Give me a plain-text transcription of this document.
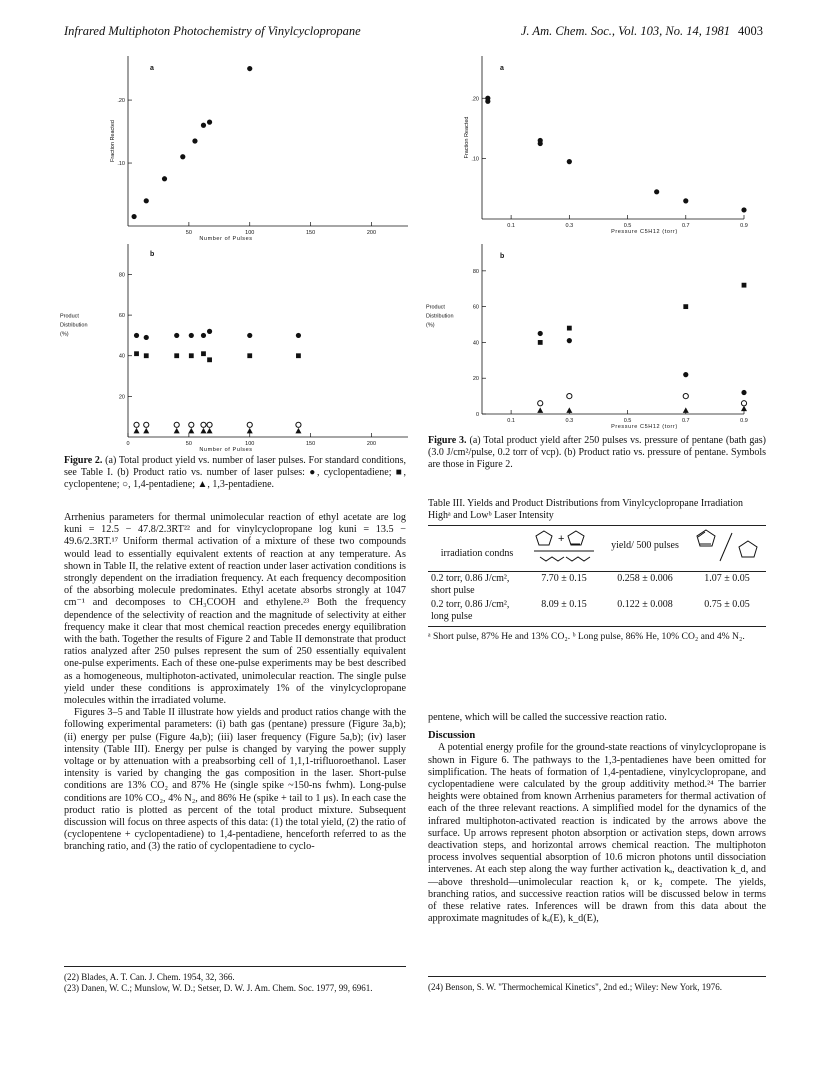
Infrared Multiphoton Photochemistry of Vinylcyclopropane	J. Am. Chem. Soc., Vol. 103, No. 14, 1981 4003
a
50	100	150	200
.10
.20
Number of Pulses
Fraction Reacted
b
0	50	100	150	200
20
40
60
80
Number of Pulses
Product
Distribution
(%)
Figure 2. (a) Total product yield vs. number of laser pulses. For standard conditions, see Table I. (b) Product ratio vs. number of laser pulses: ●, cyclopentadiene; ■, cyclopentene; ○, 1,4-pentadiene; ▲, 1,3-pentadiene.
a
0.1	0.3	0.5	0.7	0.9
.10
.20
Pressure C5H12 (torr)
Fraction Reacted
b
0.1	0.3	0.5	0.7	0.9
0
20
40
60
80
Pressure C5H12 (torr)
Product
Distribution
(%)
Figure 3. (a) Total product yield after 250 pulses vs. pressure of pentane (bath gas) (3.0 J/cm²/pulse, 0.2 torr of vcp). (b) Product ratio vs. pressure of pentane. Symbols are those in Figure 2.

Arrhenius parameters for thermal unimolecular reaction of ethyl acetate are log kuni = 12.5 − 47.8/2.3RT²² and for vinylcyclopropane log kuni = 13.5 − 49.6/2.3RT.¹⁷ Uniform thermal activation of a mixture of these two compounds would lead to essentially equivalent extents of reaction at any temperature. As shown in Table II, the relative extent of reaction under laser activation conditions is strongly dependent on the irradiation frequency. At each frequency decomposition of the absorbing molecule predominates. Ethyl acetate absorbs strongly at 1047 cm⁻¹ and decomposes to CH₃COOH and ethylene.²³ Both the frequency dependence of the selectivity of reaction and the magnitude of selectivity at either frequency make it clear that most chemical reaction precedes energy equilibration with the bath. Together the results of Figure 2 and Table II demonstrate that product ratios analyzed after 250 pulses represent the sum of 250 essentially equivalent one-pulse experiments. Each of these one-pulse experiments may be best described as a homogeneous, multiphoton-activated, unimolecular reaction. The single pulse yield under these conditions is approximately 1% of the vinylcyclopropane molecules within the irradiated volume.

Figures 3–5 and Table II illustrate how yields and product ratios change with the following experimental parameters: (i) bath gas (pentane) pressure (Figure 3a,b); (ii) energy per pulse (Figure 4a,b); (iii) laser frequency (Figure 5a,b); (iv) laser intensity (Table III). Energy per pulse is changed by varying the power supply voltage or by attenuation with a preabsorbing cell of 1,1,1-trifluoroethanol. Laser intensity is varied by changing the gas composition in the laser. Short-pulse conditions are 13% CO₂ and 87% He (single spike ~150-ns fwhm). Long-pulse conditions are 10% CO₂, 4% N₂, and 86% He (spike + tail to 1 μs). In each case the product ratio is plotted as percent of the total product mixture. Subsequent discussion will focus on three aspects of this data: (1) the total yield, (2) the ratio of (cyclopentene + cyclopentadiene) to 1,4-pentadiene, henceforth referred to as the branching ratio, and (3) the ratio of cyclopentadiene to cyclo-

(22) Blades, A. T. Can. J. Chem. 1954, 32, 366.
(23) Danen, W. C.; Munslow, W. D.; Setser, D. W. J. Am. Chem. Soc. 1977, 99, 6961.
Table III. Yields and Product Distributions from Vinylcyclopropane Irradiation Highᵃ and Lowᵇ Laser Intensity
irradiation condns	+	yield/ 500 pulses	

0.2 torr, 0.86 J/cm², short pulse	7.70 ± 0.15	0.258 ± 0.006	1.07 ± 0.05
0.2 torr, 0.86 J/cm², long pulse	8.09 ± 0.15	0.122 ± 0.008	0.75 ± 0.05
ᵃ Short pulse, 87% He and 13% CO₂. ᵇ Long pulse, 86% He, 10% CO₂ and 4% N₂.

pentene, which will be called the successive reaction ratio.

Discussion

A potential energy profile for the ground-state reactions of vinylcyclopropane is shown in Figure 6. The pathways to the 1,3-pentadienes have been omitted for simplification. The heats of formation of 1,4-pentadiene, vinylcyclopropane, and cyclopentadiene were calculated by the group additivity method.²⁴ The barrier heights were obtained from known Arrhenius parameters for thermal activation of each of the three relevant reactions. A simplified model for the dynamics of the infrared multiphoton-activated reaction is indicated by the arrows above the surface. Up arrows represent photon absorption or activation steps, down arrows deactivation steps, and horizontal arrows chemical reaction. The multiphoton process involves sequential absorption of 10.6 micron photons until dissociation intervenes. At each step along the way further activation kₐ, deactivation k_d, and—above threshold—unimolecular reaction k₁ or k₂ compete. The yields, branching ratios, and successive reaction ratios will be discussed below in terms of these relative rates. Inferences will be drawn from this data about the approximate magnitudes of kₐ(E), k_d(E),

(24) Benson, S. W. "Thermochemical Kinetics", 2nd ed.; Wiley: New York, 1976.
